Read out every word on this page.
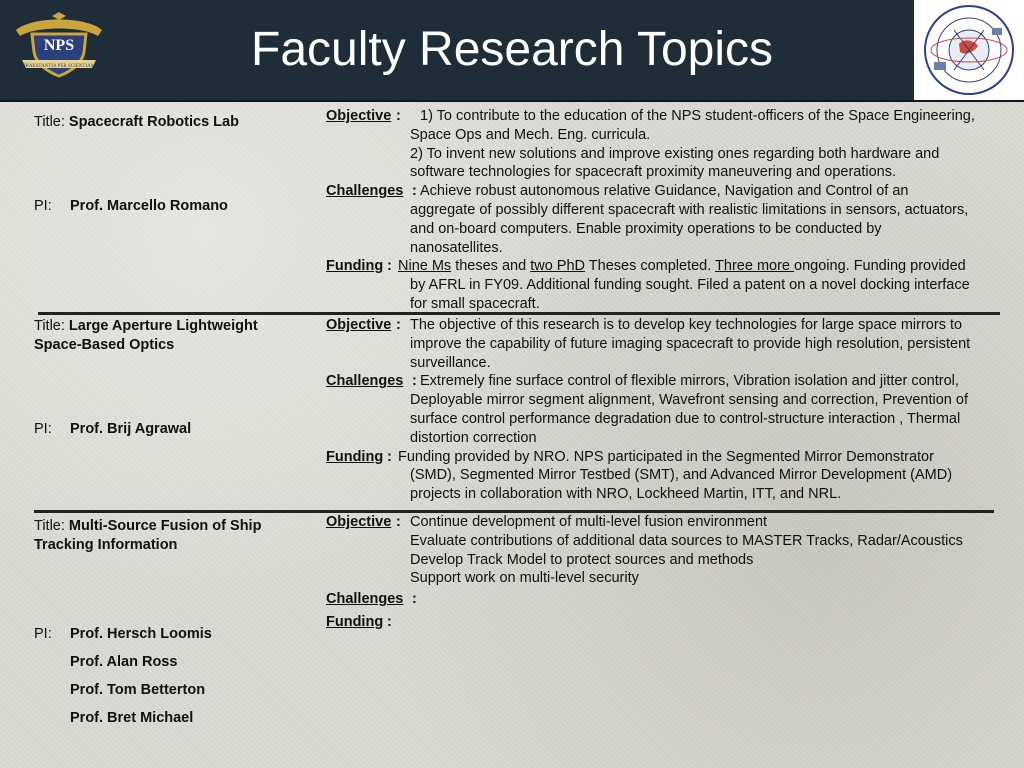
NPS
PRAESTANTIA PER SCIENTIAM	Faculty Research Topics
Title: Spacecraft Robotics Lab
PI: Prof. Marcello Romano
Objective :	1) To contribute to the education of the NPS student-officers of the Space Engineering,
Space Ops and Mech. Eng. curricula.
2) To invent new solutions and improve existing ones regarding both hardware and
software technologies for spacecraft proximity maneuvering and operations.
Challenges : Achieve robust autonomous relative Guidance, Navigation and Control of an
aggregate of possibly different spacecraft with realistic limitations in sensors, actuators,
and on-board computers. Enable proximity operations to be conducted by
nanosatellites.
Funding : Nine Ms theses and two PhD Theses completed. Three more ongoing. Funding provided
by AFRL in FY09. Additional funding sought. Filed a patent on a novel docking interface
for small spacecraft.
Title: Large Aperture Lightweight
Space-Based Optics
PI: Prof. Brij Agrawal
Objective : The objective of this research is to develop key technologies for large space mirrors to
improve the capability of future imaging spacecraft to provide high resolution, persistent
surveillance.
Challenges : Extremely fine surface control of flexible mirrors, Vibration isolation and jitter control,
Deployable mirror segment alignment, Wavefront sensing and correction, Prevention of
surface control performance degradation due to control-structure interaction , Thermal
distortion correction
Funding : Funding provided by NRO. NPS participated in the Segmented Mirror Demonstrator
(SMD), Segmented Mirror Testbed (SMT), and Advanced Mirror Development (AMD)
projects in collaboration with NRO, Lockheed Martin, ITT, and NRL.
Title: Multi-Source Fusion of Ship
Tracking Information
PI: Prof. Hersch Loomis
Prof. Alan Ross
Prof. Tom Betterton
Prof. Bret Michael
Objective : Continue development of multi-level fusion environment
Evaluate contributions of additional data sources to MASTER Tracks, Radar/Acoustics
Develop Track Model to protect sources and methods
Support work on multi-level security
Challenges :

Funding :
